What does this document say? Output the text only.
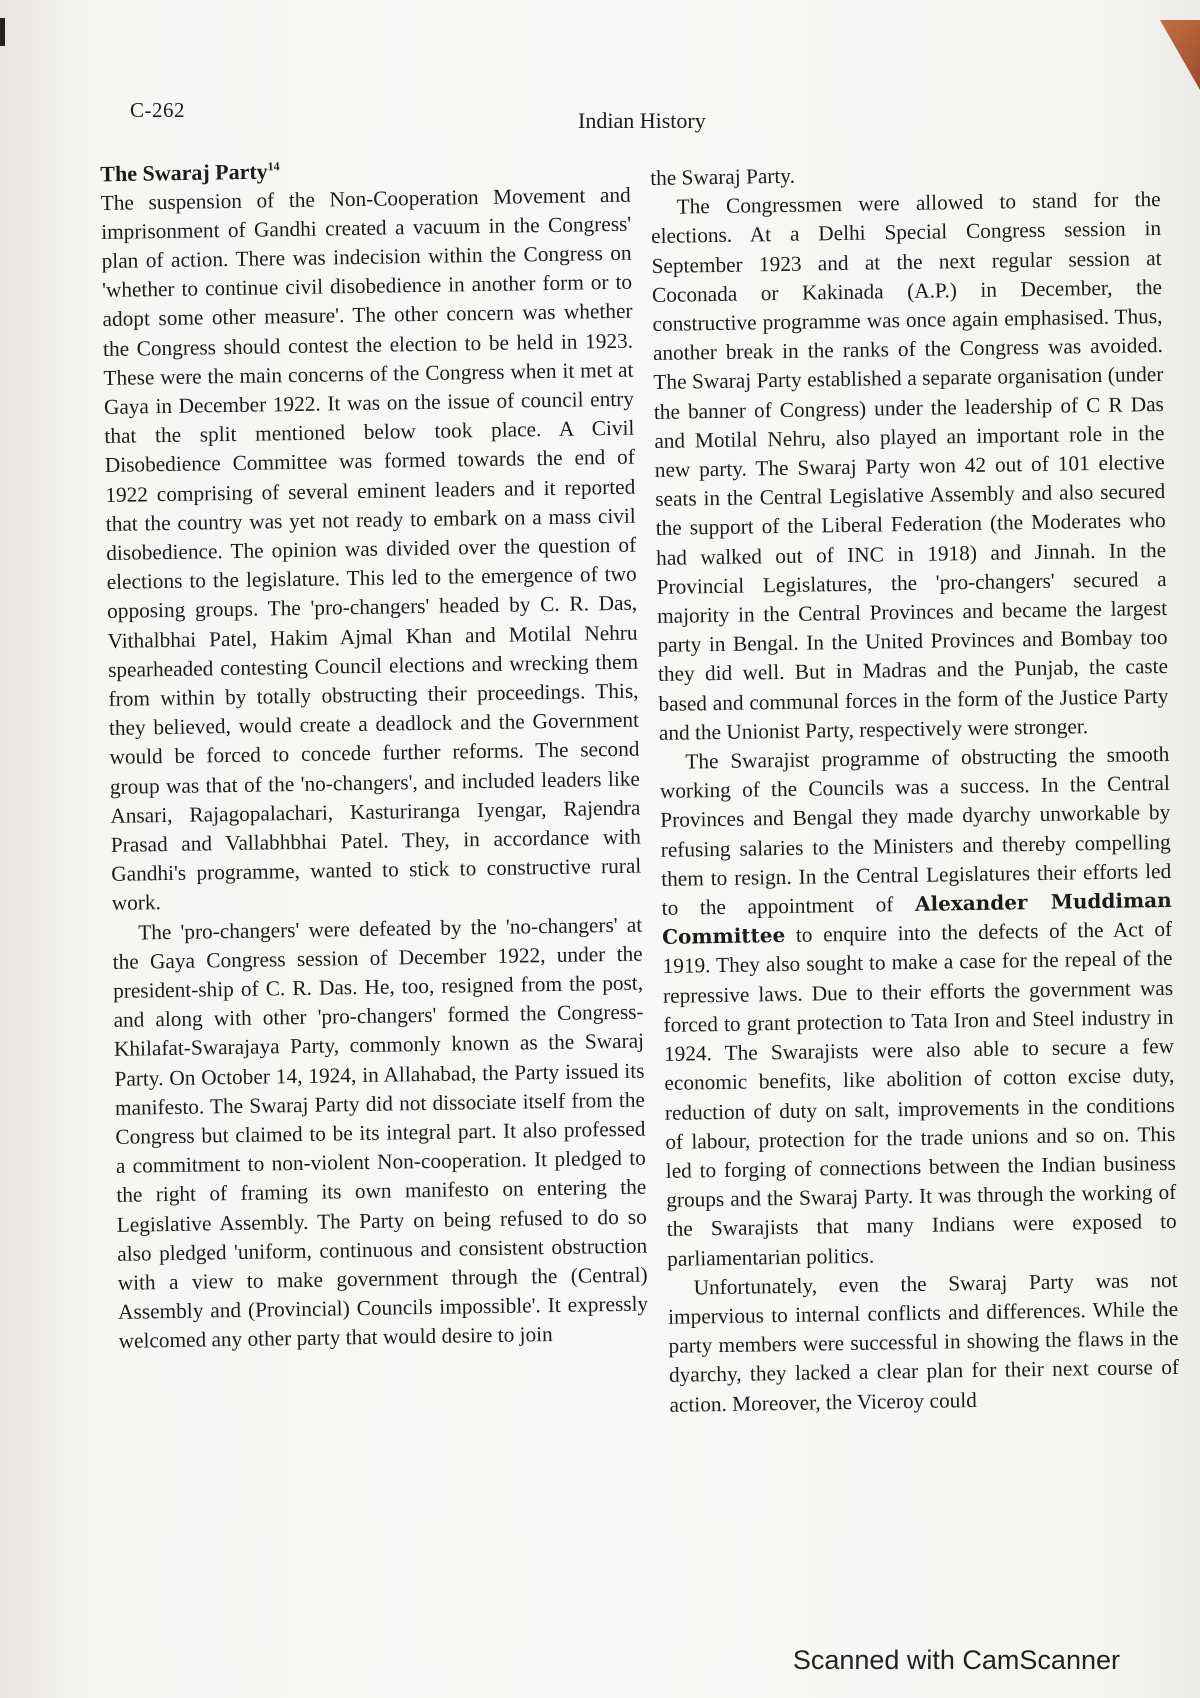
C-262	Indian History

The Swaraj Party$^{14}$

The suspension of the Non-Cooperation Movement and imprisonment of Gandhi created a vacuum in the Congress' plan of action. There was indecision within the Congress on 'whether to continue civil disobedience in another form or to adopt some other measure'. The other concern was whether the Congress should contest the election to be held in 1923. These were the main concerns of the Congress when it met at Gaya in December 1922. It was on the issue of council entry that the split mentioned below took place. A Civil Disobedience Committee was formed towards the end of 1922 comprising of several eminent leaders and it reported that the country was yet not ready to embark on a mass civil disobedience. The opinion was divided over the question of elections to the legislature. This led to the emergence of two opposing groups. The 'pro-changers' headed by C. R. Das, Vithalbhai Patel, Hakim Ajmal Khan and Motilal Nehru spearheaded contesting Council elections and wrecking them from within by totally obstructing their proceedings. This, they believed, would create a deadlock and the Government would be forced to concede further reforms. The second group was that of the 'no-changers', and included leaders like Ansari, Rajagopalachari, Kasturiranga Iyengar, Rajendra Prasad and Vallabhbhai Patel. They, in accordance with Gandhi's programme, wanted to stick to constructive rural work.

The 'pro-changers' were defeated by the 'no-changers' at the Gaya Congress session of December 1922, under the president-ship of C. R. Das. He, too, resigned from the post, and along with other 'pro-changers' formed the Congress-Khilafat-Swarajaya Party, commonly known as the Swaraj Party. On October 14, 1924, in Allahabad, the Party issued its manifesto. The Swaraj Party did not dissociate itself from the Congress but claimed to be its integral part. It also professed a commitment to non-violent Non-cooperation. It pledged to the right of framing its own manifesto on entering the Legislative Assembly. The Party on being refused to do so also pledged 'uniform, continuous and consistent obstruction with a view to make government through the (Central) Assembly and (Provincial) Councils impossible'. It expressly welcomed any other party that would desire to join

the Swaraj Party.

The Congressmen were allowed to stand for the elections. At a Delhi Special Congress session in September 1923 and at the next regular session at Coconada or Kakinada (A.P.) in December, the constructive programme was once again emphasised. Thus, another break in the ranks of the Congress was avoided. The Swaraj Party established a separate organisation (under the banner of Congress) under the leadership of C R Das and Motilal Nehru, also played an important role in the new party. The Swaraj Party won 42 out of 101 elective seats in the Central Legislative Assembly and also secured the support of the Liberal Federation (the Moderates who had walked out of INC in 1918) and Jinnah. In the Provincial Legislatures, the 'pro-changers' secured a majority in the Central Provinces and became the largest party in Bengal. In the United Provinces and Bombay too they did well. But in Madras and the Punjab, the caste based and communal forces in the form of the Justice Party and the Unionist Party, respectively were stronger.

The Swarajist programme of obstructing the smooth working of the Councils was a success. In the Central Provinces and Bengal they made dyarchy unworkable by refusing salaries to the Ministers and thereby compelling them to resign. In the Central Legislatures their efforts led to the appointment of Alexander Muddiman Committee to enquire into the defects of the Act of 1919. They also sought to make a case for the repeal of the repressive laws. Due to their efforts the government was forced to grant protection to Tata Iron and Steel industry in 1924. The Swarajists were also able to secure a few economic benefits, like abolition of cotton excise duty, reduction of duty on salt, improvements in the conditions of labour, protection for the trade unions and so on. This led to forging of connections between the Indian business groups and the Swaraj Party. It was through the working of the Swarajists that many Indians were exposed to parliamentarian politics.

Unfortunately, even the Swaraj Party was not impervious to internal conflicts and differences. While the party members were successful in showing the flaws in the dyarchy, they lacked a clear plan for their next course of action. Moreover, the Viceroy could

Scanned with CamScanner
